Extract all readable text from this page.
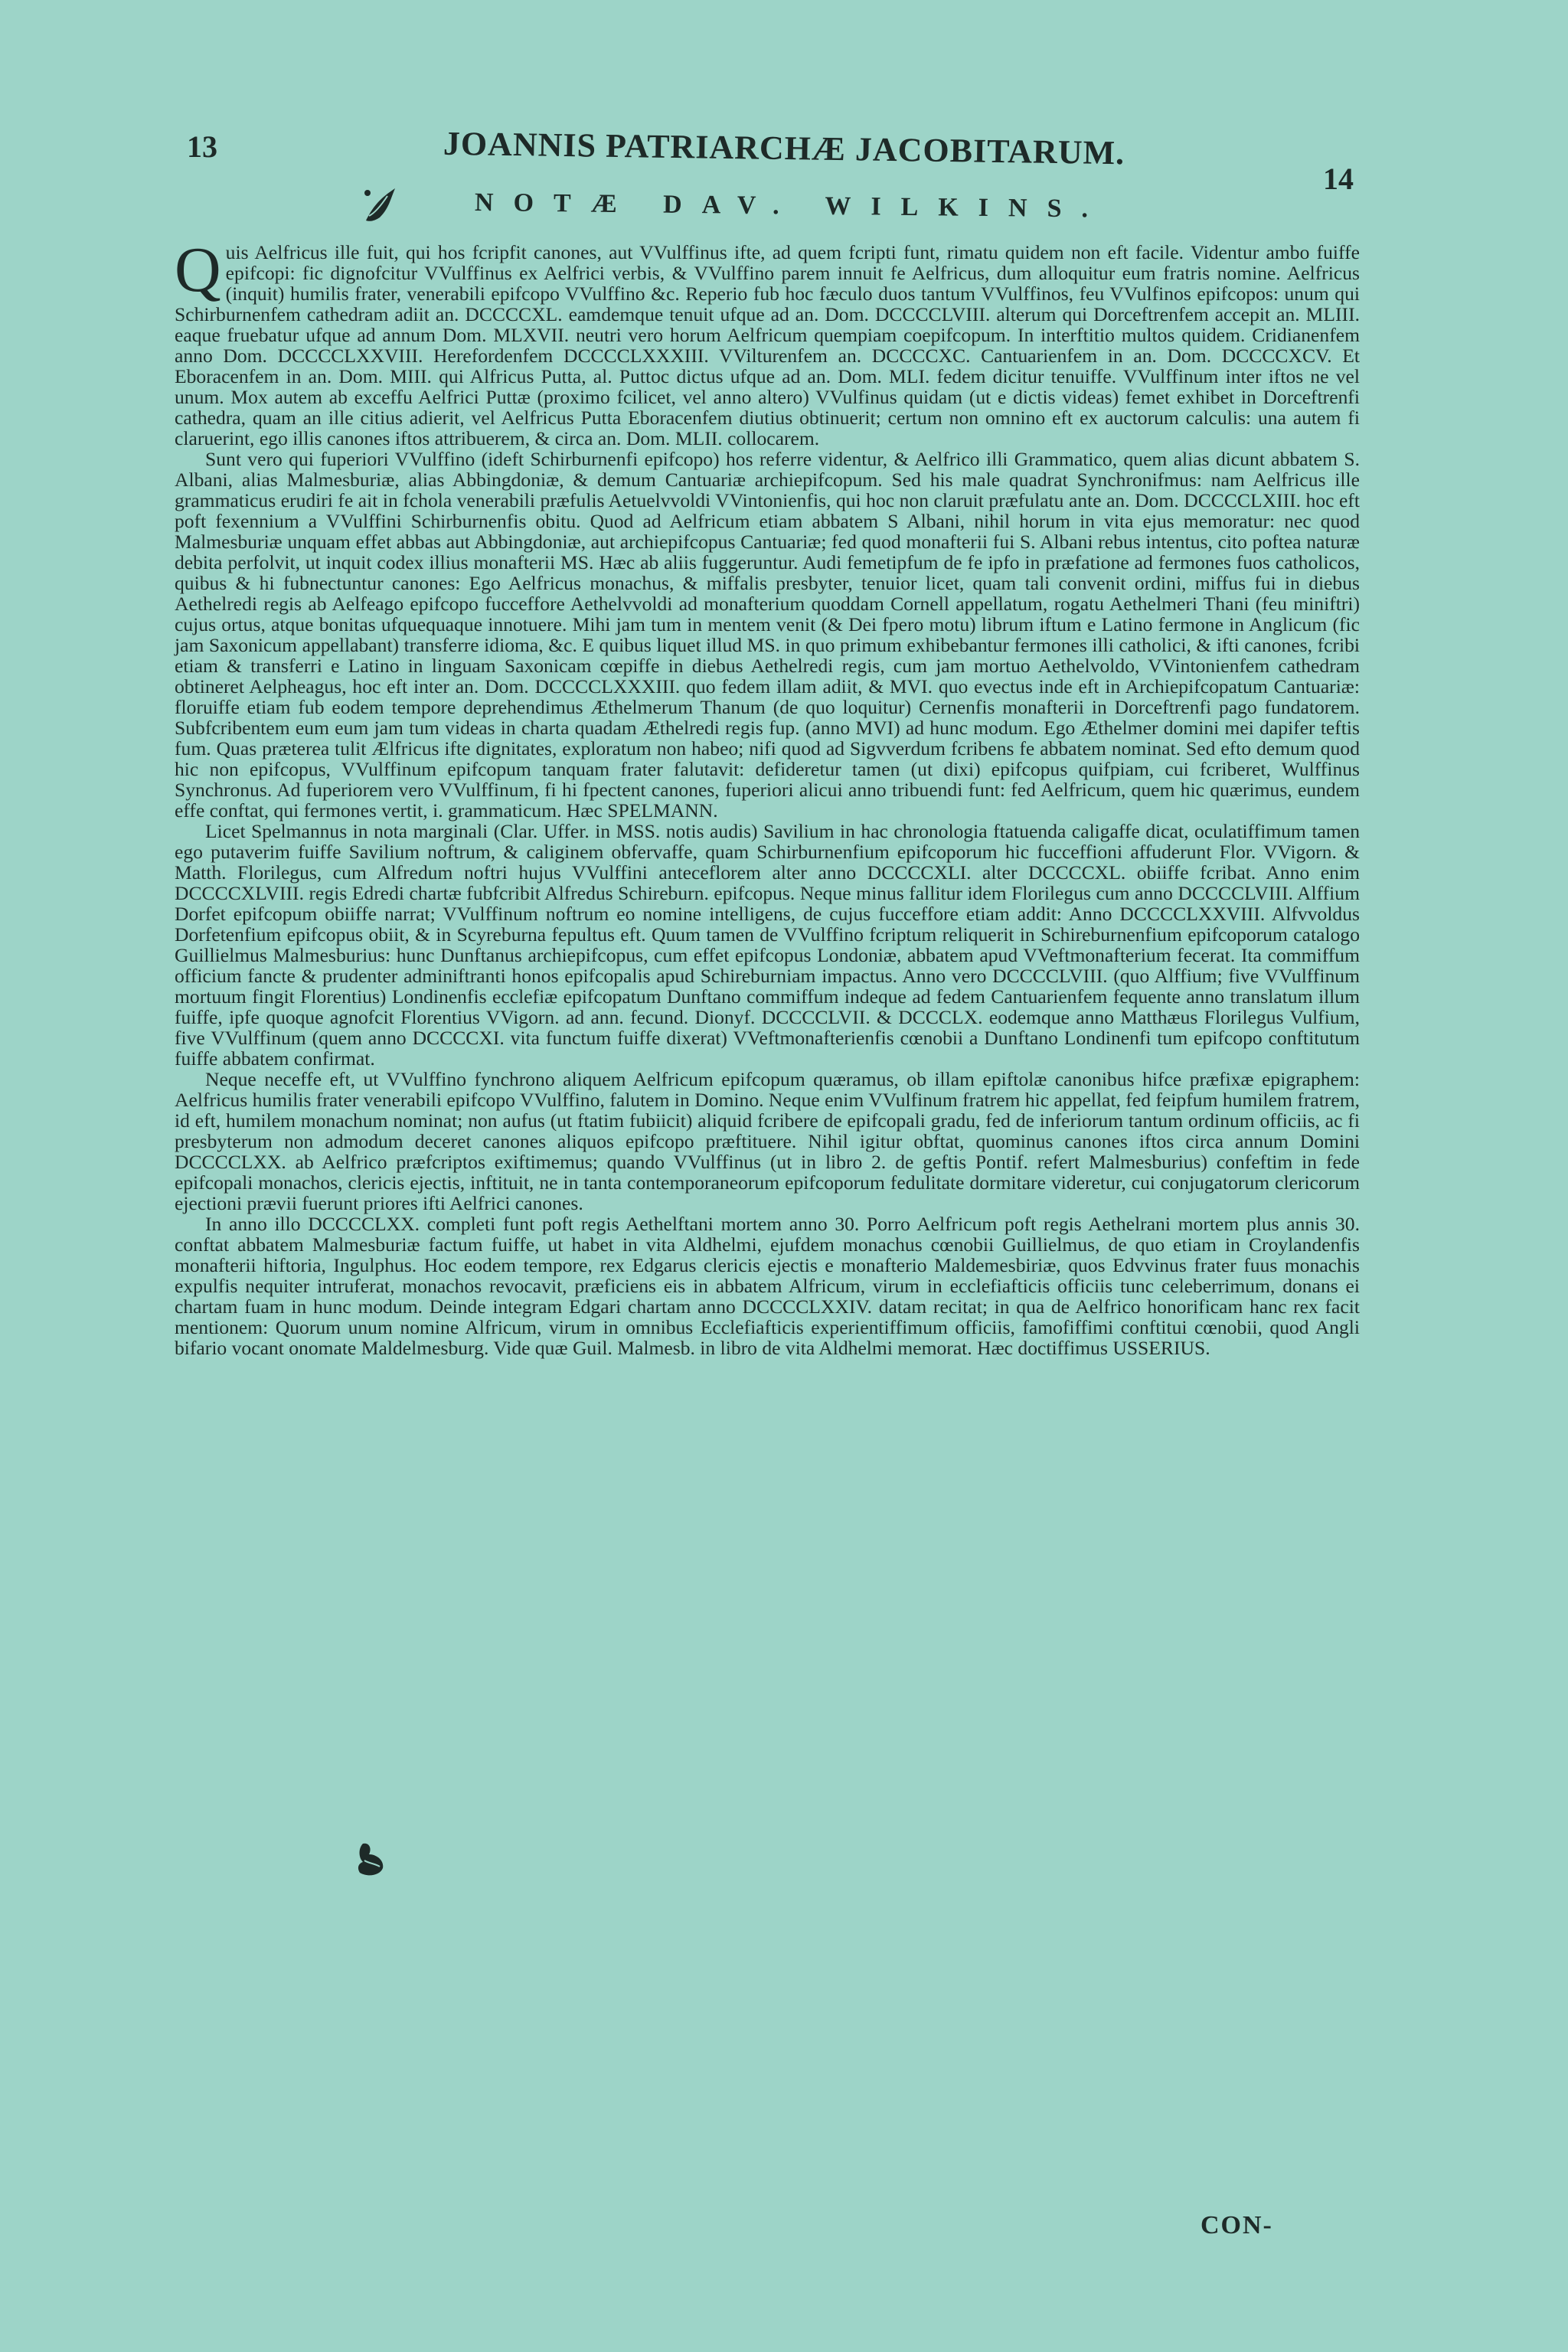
13
14
JOANNIS PATRIARCHÆ JACOBITARUM.
NOTÆ DAV. WILKINS.

Quis Aelfricus ille fuit, qui hos fcripfit canones, aut VVulffinus ifte, ad quem fcripti funt, rimatu quidem non eft facile. Videntur ambo fuiffe epifcopi: fic dignofcitur VVulffinus ex Aelfrici verbis, & VVulffino parem innuit fe Aelfricus, dum alloquitur eum fratris nomine. Aelfricus (inquit) humilis frater, venerabili epifcopo VVulffino &c. Reperio fub hoc fæculo duos tantum VVulffinos, feu VVulfinos epifcopos: unum qui Schirburnenfem cathedram adiit an. DCCCCXL. eamdemque tenuit ufque ad an. Dom. DCCCCLVIII. alterum qui Dorceftrenfem accepit an. MLIII. eaque fruebatur ufque ad annum Dom. MLXVII. neutri vero horum Aelfricum quempiam coepifcopum. In interftitio multos quidem. Cridianenfem anno Dom. DCCCCLXXVIII. Herefordenfem DCCCCLXXXIII. VVilturenfem an. DCCCCXC. Cantuarienfem in an. Dom. DCCCCXCV. Et Eboracenfem in an. Dom. MIII. qui Alfricus Putta, al. Puttoc dictus ufque ad an. Dom. MLI. fedem dicitur tenuiffe. VVulffinum inter iftos ne vel unum. Mox autem ab exceffu Aelfrici Puttæ (proximo fcilicet, vel anno altero) VVulfinus quidam (ut e dictis videas) femet exhibet in Dorceftrenfi cathedra, quam an ille citius adierit, vel Aelfricus Putta Eboracenfem diutius obtinuerit; certum non omnino eft ex auctorum calculis: una autem fi claruerint, ego illis canones iftos attribuerem, & circa an. Dom. MLII. collocarem.

Sunt vero qui fuperiori VVulffino (ideft Schirburnenfi epifcopo) hos referre videntur, & Aelfrico illi Grammatico, quem alias dicunt abbatem S. Albani, alias Malmesburiæ, alias Abbingdoniæ, & demum Cantuariæ archiepifcopum. Sed his male quadrat Synchronifmus: nam Aelfricus ille grammaticus erudiri fe ait in fchola venerabili præfulis Aetuelvvoldi VVintonienfis, qui hoc non claruit præfulatu ante an. Dom. DCCCCLXIII. hoc eft poft fexennium a VVulffini Schirburnenfis obitu. Quod ad Aelfricum etiam abbatem S Albani, nihil horum in vita ejus memoratur: nec quod Malmesburiæ unquam effet abbas aut Abbingdoniæ, aut archiepifcopus Cantuariæ; fed quod monafterii fui S. Albani rebus intentus, cito poftea naturæ debita perfolvit, ut inquit codex illius monafterii MS. Hæc ab aliis fuggeruntur. Audi femetipfum de fe ipfo in præfatione ad fermones fuos catholicos, quibus & hi fubnectuntur canones: Ego Aelfricus monachus, & miffalis presbyter, tenuior licet, quam tali convenit ordini, miffus fui in diebus Aethelredi regis ab Aelfeago epifcopo fucceffore Aethelvvoldi ad monafterium quoddam Cornell appellatum, rogatu Aethelmeri Thani (feu miniftri) cujus ortus, atque bonitas ufquequaque innotuere. Mihi jam tum in mentem venit (& Dei fpero motu) librum iftum e Latino fermone in Anglicum (fic jam Saxonicum appellabant) transferre idioma, &c. E quibus liquet illud MS. in quo primum exhibebantur fermones illi catholici, & ifti canones, fcribi etiam & transferri e Latino in linguam Saxonicam cœpiffe in diebus Aethelredi regis, cum jam mortuo Aethelvoldo, VVintonienfem cathedram obtineret Aelpheagus, hoc eft inter an. Dom. DCCCCLXXXIII. quo fedem illam adiit, & MVI. quo evectus inde eft in Archiepifcopatum Cantuariæ: floruiffe etiam fub eodem tempore deprehendimus Æthelmerum Thanum (de quo loquitur) Cernenfis monafterii in Dorceftrenfi pago fundatorem. Subfcribentem eum eum jam tum videas in charta quadam Æthelredi regis fup. (anno MVI) ad hunc modum. Ego Æthelmer domini mei dapifer teftis fum. Quas præterea tulit Ælfricus ifte dignitates, exploratum non habeo; nifi quod ad Sigvverdum fcribens fe abbatem nominat. Sed efto demum quod hic non epifcopus, VVulffinum epifcopum tanquam frater falutavit: defideretur tamen (ut dixi) epifcopus quifpiam, cui fcriberet, Wulffinus Synchronus. Ad fuperiorem vero VVulffinum, fi hi fpectent canones, fuperiori alicui anno tribuendi funt: fed Aelfricum, quem hic quærimus, eundem effe conftat, qui fermones vertit, i. grammaticum. Hæc SPELMANN.

Licet Spelmannus in nota marginali (Clar. Uffer. in MSS. notis audis) Savilium in hac chronologia ftatuenda caligaffe dicat, oculatiffimum tamen ego putaverim fuiffe Savilium noftrum, & caliginem obfervaffe, quam Schirburnenfium epifcoporum hic fucceffioni affuderunt Flor. VVigorn. & Matth. Florilegus, cum Alfredum noftri hujus VVulffini anteceflorem alter anno DCCCCXLI. alter DCCCCXL. obiiffe fcribat. Anno enim DCCCCXLVIII. regis Edredi chartæ fubfcribit Alfredus Schireburn. epifcopus. Neque minus fallitur idem Florilegus cum anno DCCCCLVIII. Alffium Dorfet epifcopum obiiffe narrat; VVulffinum noftrum eo nomine intelligens, de cujus fucceffore etiam addit: Anno DCCCCLXXVIII. Alfvvoldus Dorfetenfium epifcopus obiit, & in Scyreburna fepultus eft. Quum tamen de VVulffino fcriptum reliquerit in Schireburnenfium epifcoporum catalogo Guillielmus Malmesburius: hunc Dunftanus archiepifcopus, cum effet epifcopus Londoniæ, abbatem apud VVeftmonafterium fecerat. Ita commiffum officium fancte & prudenter adminiftranti honos epifcopalis apud Schireburniam impactus. Anno vero DCCCCLVIII. (quo Alffium; five VVulffinum mortuum fingit Florentius) Londinenfis ecclefiæ epifcopatum Dunftano commiffum indeque ad fedem Cantuarienfem fequente anno translatum illum fuiffe, ipfe quoque agnofcit Florentius VVigorn. ad ann. fecund. Dionyf. DCCCCLVII. & DCCCLX. eodemque anno Matthæus Florilegus Vulfium, five VVulffinum (quem anno DCCCCXI. vita functum fuiffe dixerat) VVeftmonafterienfis cœnobii a Dunftano Londinenfi tum epifcopo conftitutum fuiffe abbatem confirmat.

Neque neceffe eft, ut VVulffino fynchrono aliquem Aelfricum epifcopum quæramus, ob illam epiftolæ canonibus hifce præfixæ epigraphem: Aelfricus humilis frater venerabili epifcopo VVulffino, falutem in Domino. Neque enim VVulfinum fratrem hic appellat, fed feipfum humilem fratrem, id eft, humilem monachum nominat; non aufus (ut ftatim fubiicit) aliquid fcribere de epifcopali gradu, fed de inferiorum tantum ordinum officiis, ac fi presbyterum non admodum deceret canones aliquos epifcopo præftituere. Nihil igitur obftat, quominus canones iftos circa annum Domini DCCCCLXX. ab Aelfrico præfcriptos exiftimemus; quando VVulffinus (ut in libro 2. de geftis Pontif. refert Malmesburius) confeftim in fede epifcopali monachos, clericis ejectis, inftituit, ne in tanta contemporaneorum epifcoporum fedulitate dormitare videretur, cui conjugatorum clericorum ejectioni prævii fuerunt priores ifti Aelfrici canones.

In anno illo DCCCCLXX. completi funt poft regis Aethelftani mortem anno 30. Porro Aelfricum poft regis Aethelrani mortem plus annis 30. conftat abbatem Malmesburiæ factum fuiffe, ut habet in vita Aldhelmi, ejufdem monachus cœnobii Guillielmus, de quo etiam in Croylandenfis monafterii hiftoria, Ingulphus. Hoc eodem tempore, rex Edgarus clericis ejectis e monafterio Maldemesbiriæ, quos Edvvinus frater fuus monachis expulfis nequiter intruferat, monachos revocavit, præficiens eis in abbatem Alfricum, virum in ecclefiafticis officiis tunc celeberrimum, donans ei chartam fuam in hunc modum. Deinde integram Edgari chartam anno DCCCCLXXIV. datam recitat; in qua de Aelfrico honorificam hanc rex facit mentionem: Quorum unum nomine Alfricum, virum in omnibus Ecclefiafticis experientiffimum officiis, famofiffimi conftitui cœnobii, quod Angli bifario vocant onomate Maldelmesburg. Vide quæ Guil. Malmesb. in libro de vita Aldhelmi memorat. Hæc doctiffimus USSERIUS.

CON-
